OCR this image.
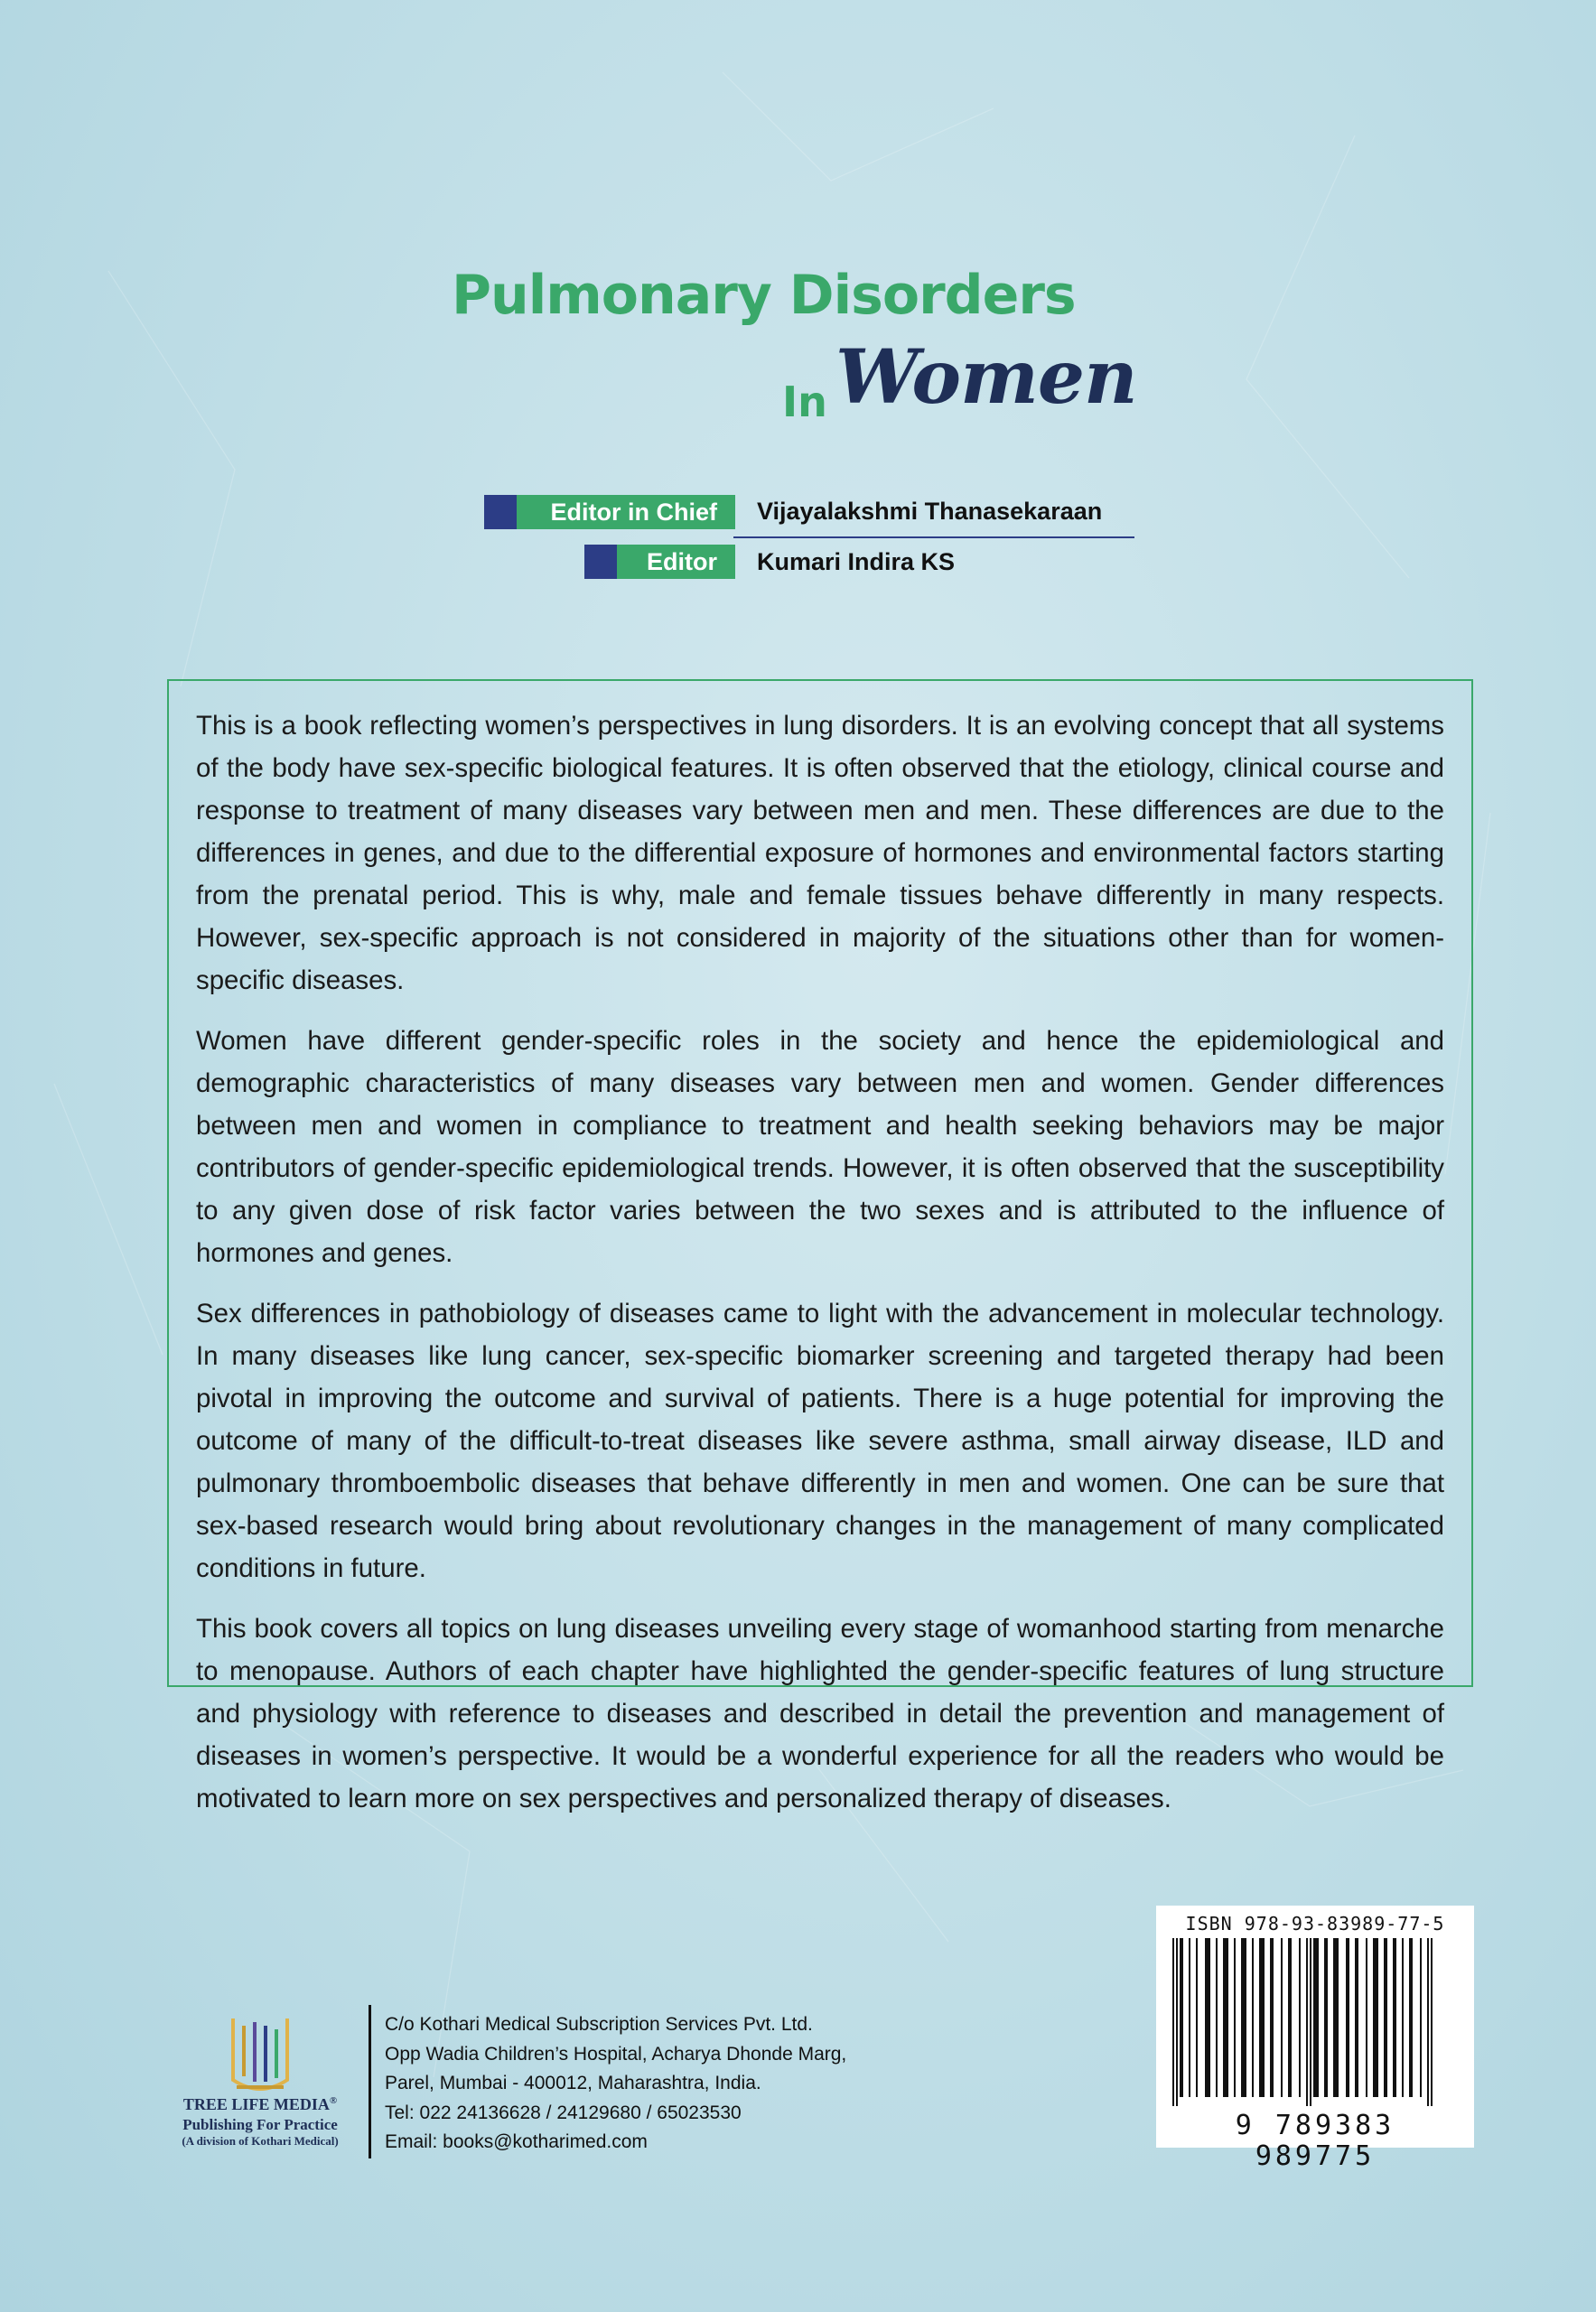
Pulmonary Disorders
In Women
Editor in Chief	Vijayalakshmi Thanasekaraan
Editor	Kumari Indira KS

This is a book reflecting women’s perspectives in lung disorders. It is an evolving concept that all systems of the body have sex-specific biological features. It is often observed that the etiology, clinical course and response to treatment of many diseases vary between men and men. These differences are due to the differences in genes, and due to the differential exposure of hormones and environmental factors starting from the prenatal period. This is why, male and female tissues behave differently in many respects. However, sex-specific approach is not considered in majority of the situations other than for women-specific diseases.

Women have different gender-specific roles in the society and hence the epidemiological and demographic characteristics of many diseases vary between men and women. Gender differences between men and women in compliance to treatment and health seeking behaviors may be major contributors of gender-specific epidemiological trends. However, it is often observed that the susceptibility to any given dose of risk factor varies between the two sexes and is attributed to the influence of hormones and genes.

Sex differences in pathobiology of diseases came to light with the advancement in molecular technology. In many diseases like lung cancer, sex-specific biomarker screening and targeted therapy had been pivotal in improving the outcome and survival of patients. There is a huge potential for improving the outcome of many of the difficult-to-treat diseases like severe asthma, small airway disease, ILD and pulmonary thromboembolic diseases that behave differently in men and women. One can be sure that sex-based research would bring about revolutionary changes in the management of many complicated conditions in future.

This book covers all topics on lung diseases unveiling every stage of womanhood starting from menarche to menopause. Authors of each chapter have highlighted the gender-specific features of lung structure and physiology with reference to diseases and described in detail the prevention and management of diseases in women’s perspective. It would be a wonderful experience for all the readers who would be motivated to learn more on sex perspectives and personalized therapy of diseases.

TREE LIFE MEDIA®
Publishing For Practice
(A division of Kothari Medical)
C/o Kothari Medical Subscription Services Pvt. Ltd.
Opp Wadia Children’s Hospital, Acharya Dhonde Marg,
Parel, Mumbai - 400012, Maharashtra, India.
Tel: 022 24136628 / 24129680 / 65023530
Email: books@kotharimed.com
ISBN 978-93-83989-77-5
9 789383 989775
